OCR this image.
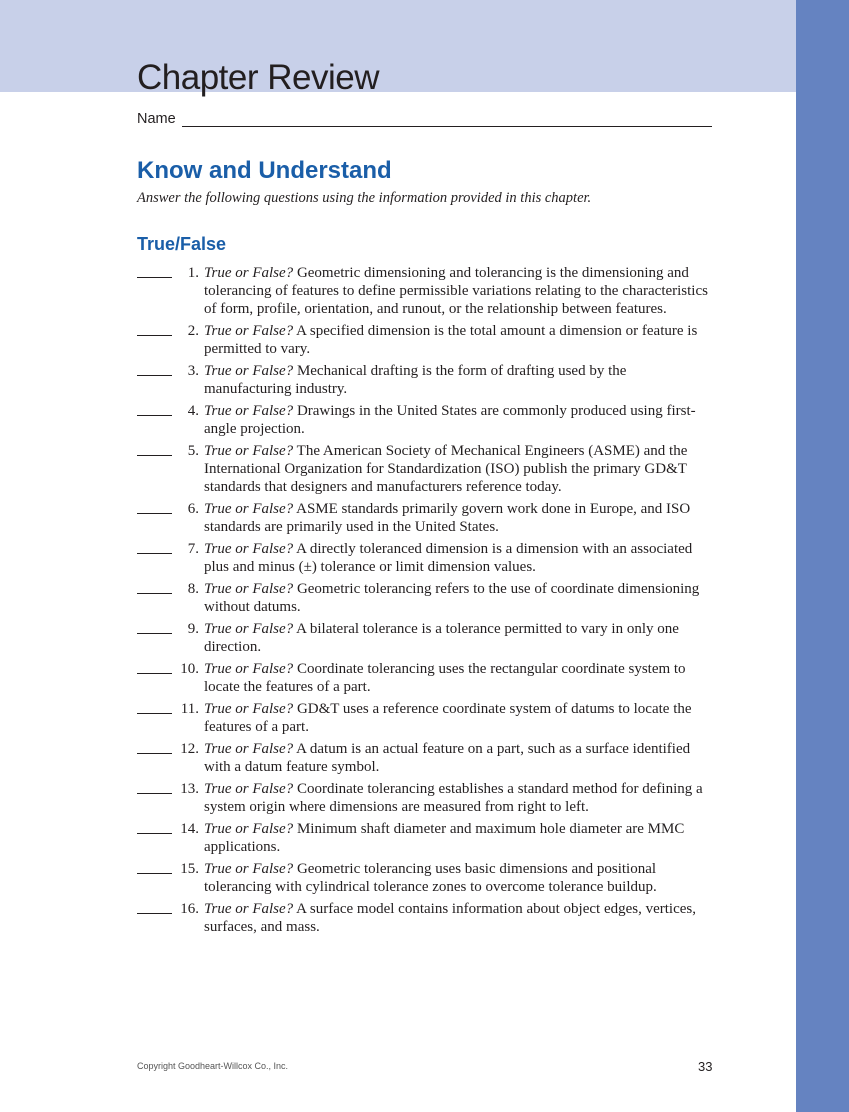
Chapter Review
Name
Know and Understand
Answer the following questions using the information provided in this chapter.
True/False
1. True or False? Geometric dimensioning and tolerancing is the dimensioning and tolerancing of features to define permissible variations relating to the characteristics of form, profile, orientation, and runout, or the relationship between features.
2. True or False? A specified dimension is the total amount a dimension or feature is permitted to vary.
3. True or False? Mechanical drafting is the form of drafting used by the manufacturing industry.
4. True or False? Drawings in the United States are commonly produced using first-angle projection.
5. True or False? The American Society of Mechanical Engineers (ASME) and the International Organization for Standardization (ISO) publish the primary GD&T standards that designers and manufacturers reference today.
6. True or False? ASME standards primarily govern work done in Europe, and ISO standards are primarily used in the United States.
7. True or False? A directly toleranced dimension is a dimension with an associated plus and minus (±) tolerance or limit dimension values.
8. True or False? Geometric tolerancing refers to the use of coordinate dimensioning without datums.
9. True or False? A bilateral tolerance is a tolerance permitted to vary in only one direction.
10. True or False? Coordinate tolerancing uses the rectangular coordinate system to locate the features of a part.
11. True or False? GD&T uses a reference coordinate system of datums to locate the features of a part.
12. True or False? A datum is an actual feature on a part, such as a surface identified with a datum feature symbol.
13. True or False? Coordinate tolerancing establishes a standard method for defining a system origin where dimensions are measured from right to left.
14. True or False? Minimum shaft diameter and maximum hole diameter are MMC applications.
15. True or False? Geometric tolerancing uses basic dimensions and positional tolerancing with cylindrical tolerance zones to overcome tolerance buildup.
16. True or False? A surface model contains information about object edges, vertices, surfaces, and mass.
Copyright Goodheart-Willcox Co., Inc.	33
